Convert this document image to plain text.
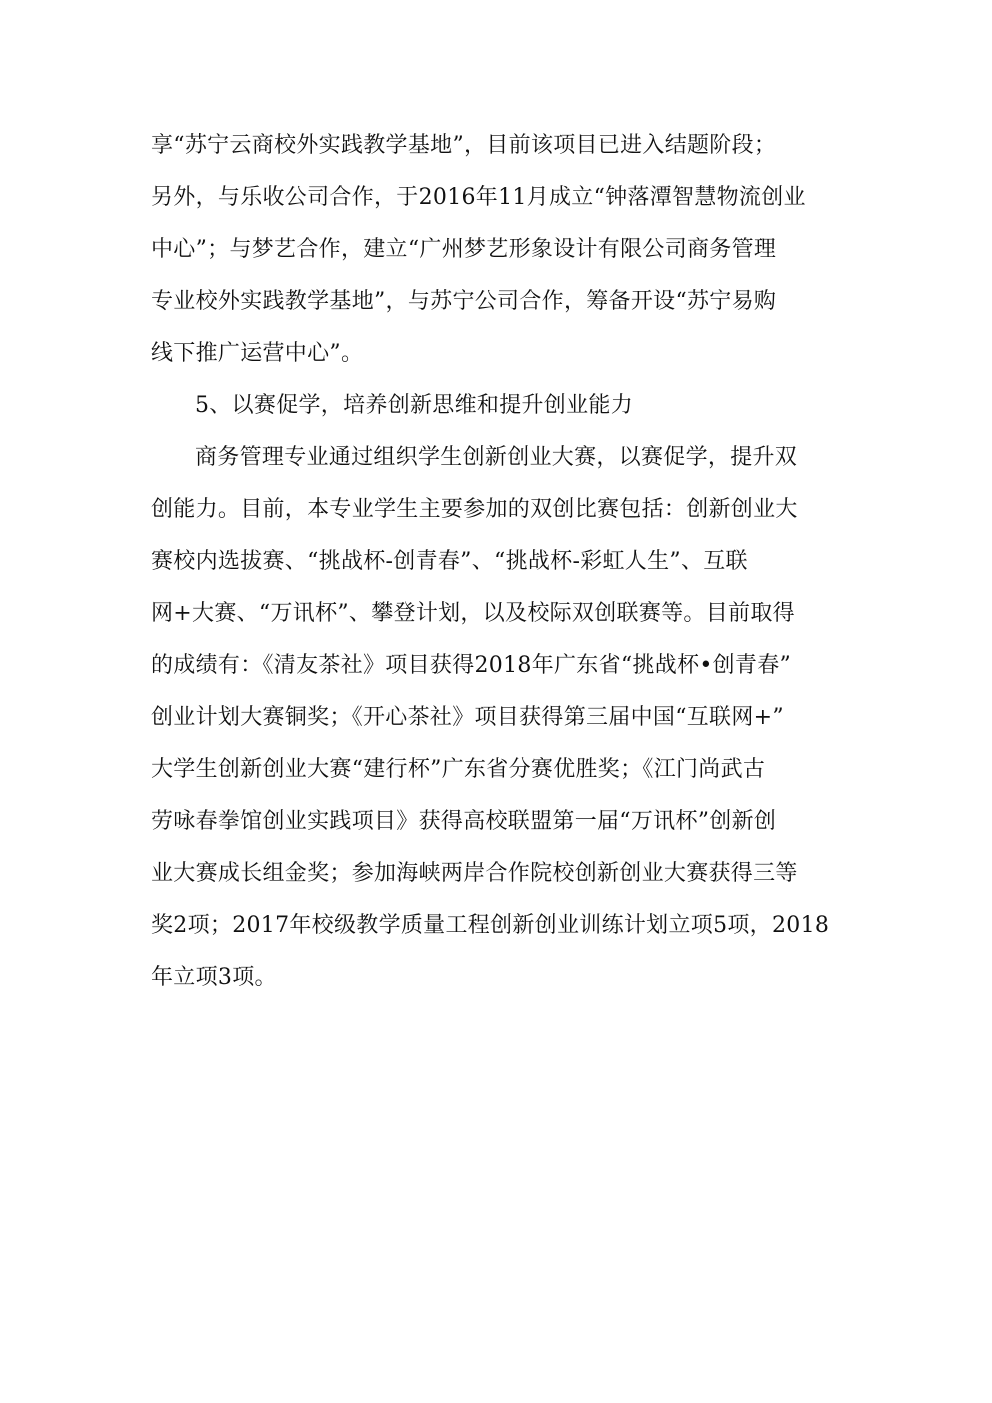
享“苏宁云商校外实践教学基地”，目前该项目已进入结题阶段；
另外，与乐收公司合作，于2016年11月成立“钟落潭智慧物流创业
中心”；与梦艺合作，建立“广州梦艺形象设计有限公司商务管理
专业校外实践教学基地”，与苏宁公司合作，筹备开设“苏宁易购
线下推广运营中心”。
5、以赛促学，培养创新思维和提升创业能力
商务管理专业通过组织学生创新创业大赛，以赛促学，提升双
创能力。目前，本专业学生主要参加的双创比赛包括：创新创业大
赛校内选拔赛、“挑战杯-创青春”、“挑战杯-彩虹人生”、互联
网+大赛、“万讯杯”、攀登计划，以及校际双创联赛等。目前取得
的成绩有：《清友茶社》项目获得2018年广东省“挑战杯•创青春”
创业计划大赛铜奖；《开心茶社》项目获得第三届中国“互联网+”
大学生创新创业大赛“建行杯”广东省分赛优胜奖；《江门尚武古
劳咏春拳馆创业实践项目》获得高校联盟第一届“万讯杯”创新创
业大赛成长组金奖；参加海峡两岸合作院校创新创业大赛获得三等
奖2项；2017年校级教学质量工程创新创业训练计划立项5项，2018
年立项3项。
